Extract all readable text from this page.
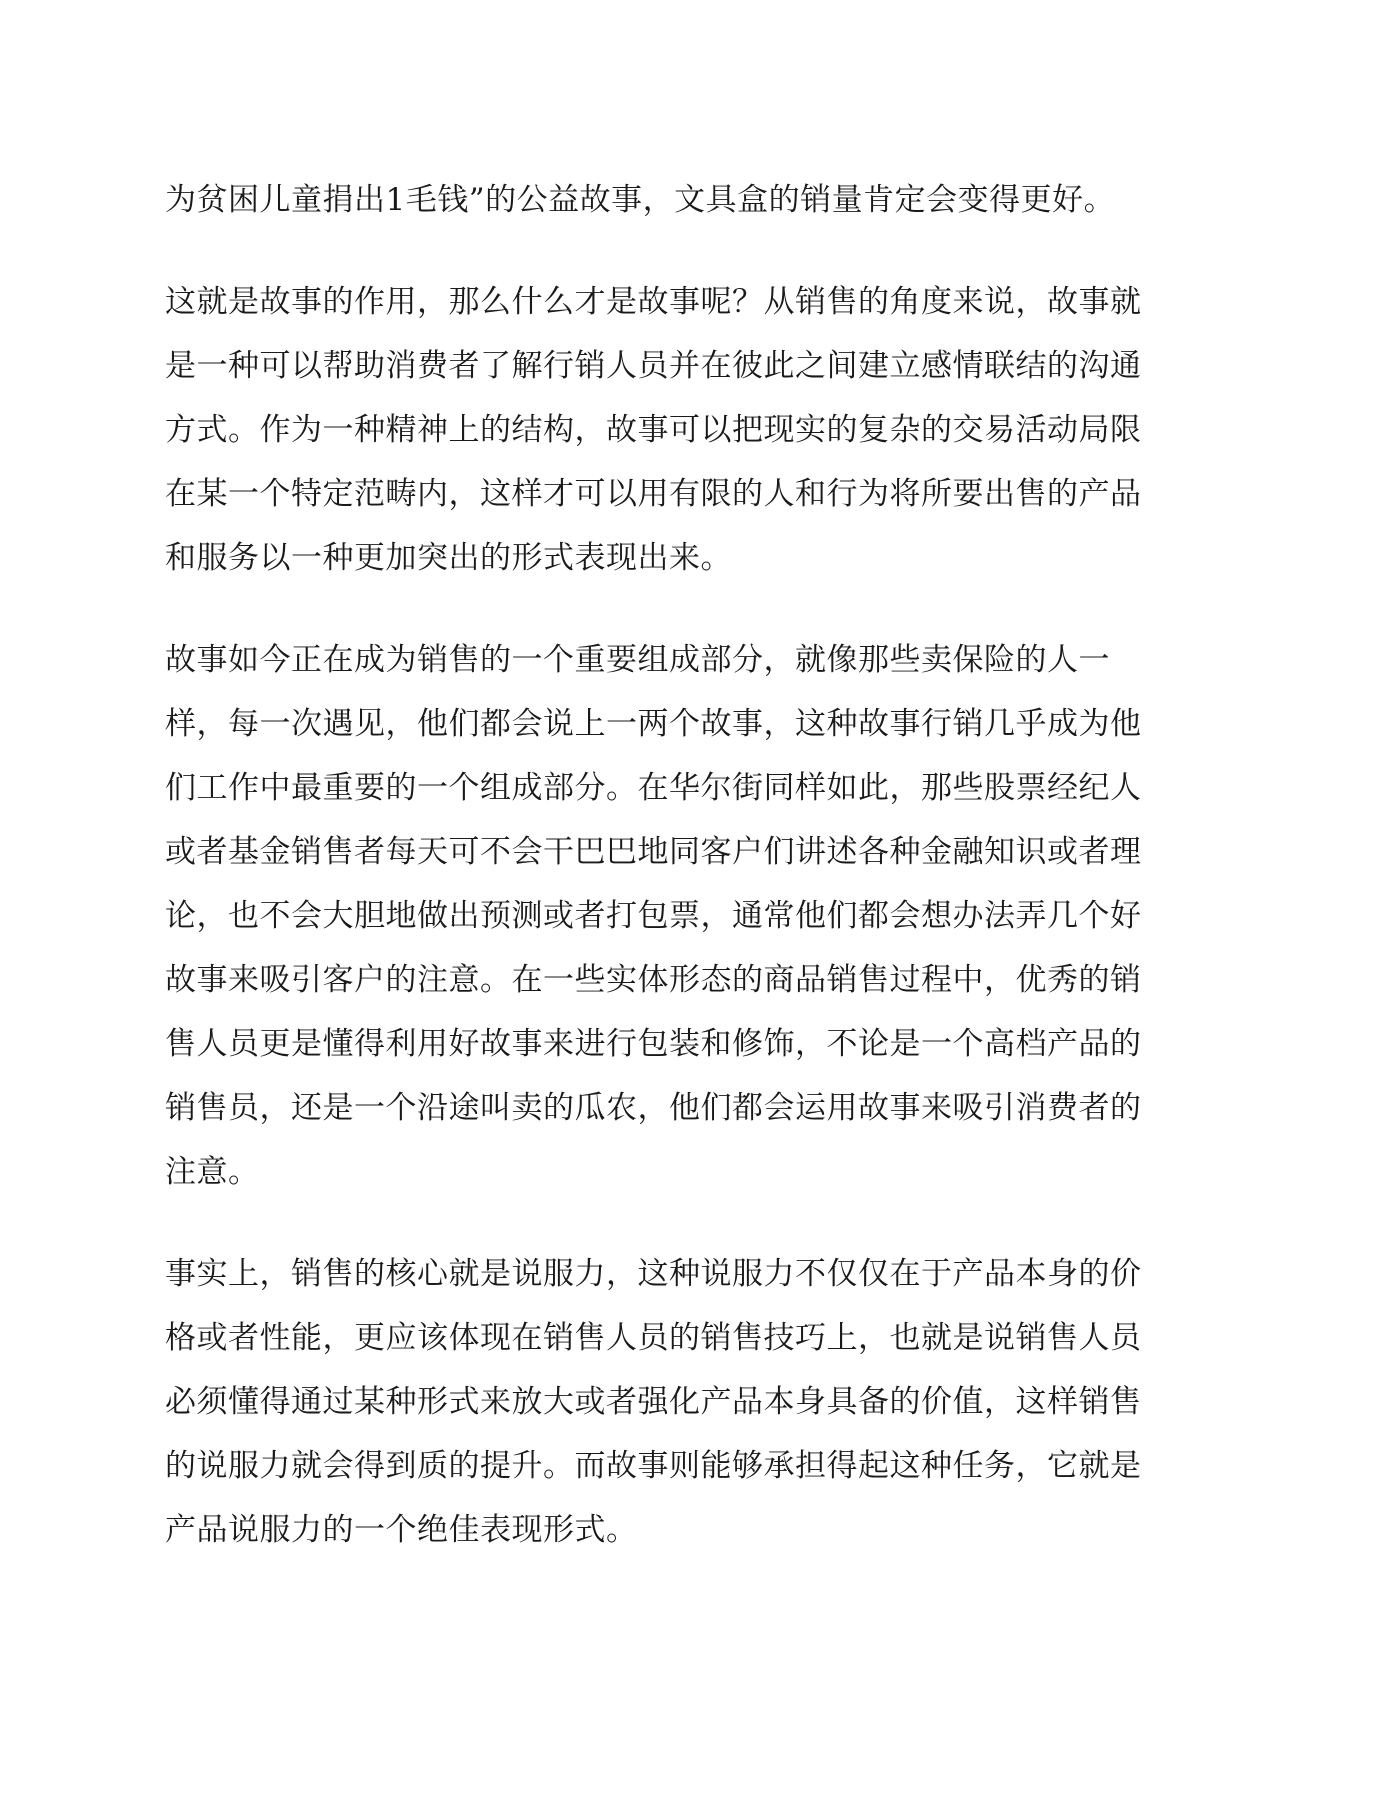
为贫困儿童捐出1毛钱”的公益故事，文具盒的销量肯定会变得更好。
这就是故事的作用，那么什么才是故事呢？从销售的角度来说，故事就
是一种可以帮助消费者了解行销人员并在彼此之间建立感情联结的沟通
方式。作为一种精神上的结构，故事可以把现实的复杂的交易活动局限
在某一个特定范畴内，这样才可以用有限的人和行为将所要出售的产品
和服务以一种更加突出的形式表现出来。
故事如今正在成为销售的一个重要组成部分，就像那些卖保险的人一
样，每一次遇见，他们都会说上一两个故事，这种故事行销几乎成为他
们工作中最重要的一个组成部分。在华尔街同样如此，那些股票经纪人
或者基金销售者每天可不会干巴巴地同客户们讲述各种金融知识或者理
论，也不会大胆地做出预测或者打包票，通常他们都会想办法弄几个好
故事来吸引客户的注意。在一些实体形态的商品销售过程中，优秀的销
售人员更是懂得利用好故事来进行包装和修饰，不论是一个高档产品的
销售员，还是一个沿途叫卖的瓜农，他们都会运用故事来吸引消费者的
注意。
事实上，销售的核心就是说服力，这种说服力不仅仅在于产品本身的价
格或者性能，更应该体现在销售人员的销售技巧上，也就是说销售人员
必须懂得通过某种形式来放大或者强化产品本身具备的价值，这样销售
的说服力就会得到质的提升。而故事则能够承担得起这种任务，它就是
产品说服力的一个绝佳表现形式。
